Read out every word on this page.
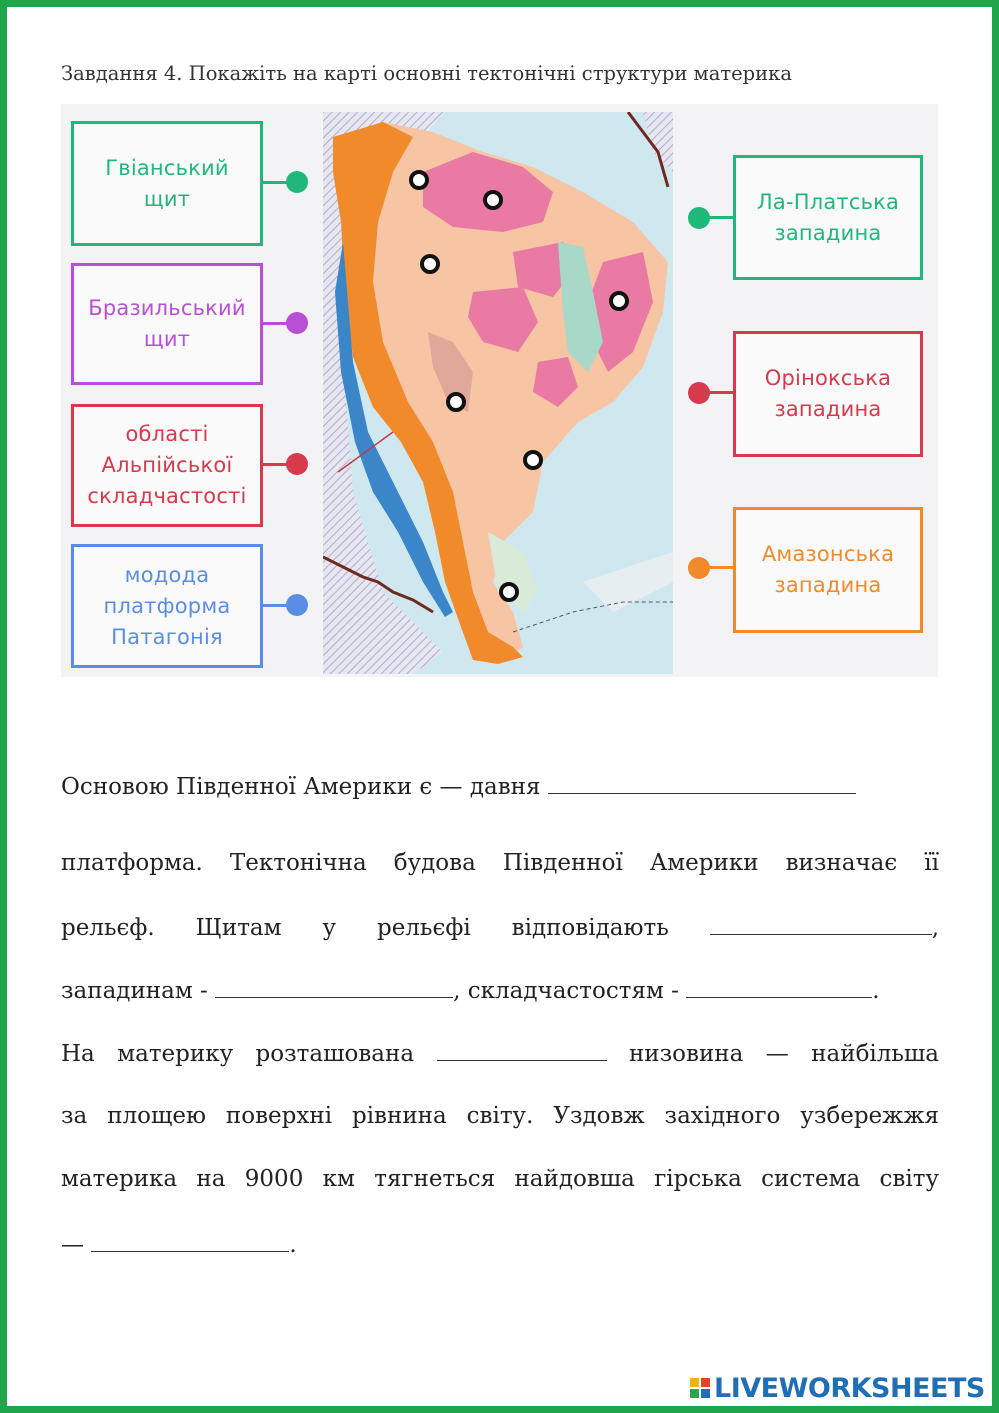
Завдання 4. Покажіть на карті основні тектонічні структури материка
Гвіанський
щит
Бразильський
щит
області
Альпійської
складчастості
модода
платформа
Патагонія
Ла-Платська
западина
Орінокська
западина
Амазонська
западина
Основою Південної Америки є — давня
платформа. Тектонічна будова Південної Америки визначає її
рельєф. Щитам у рельєфі відповідають	,
западинам -	, складчастостям -	.
На материку розташована	низовина — найбільша
за площею поверхні рівнина світу. Уздовж західного узбережжя
материка на 9000 км тягнеться найдовша гірська система світу
—	.
LIVEWORKSHEETS
